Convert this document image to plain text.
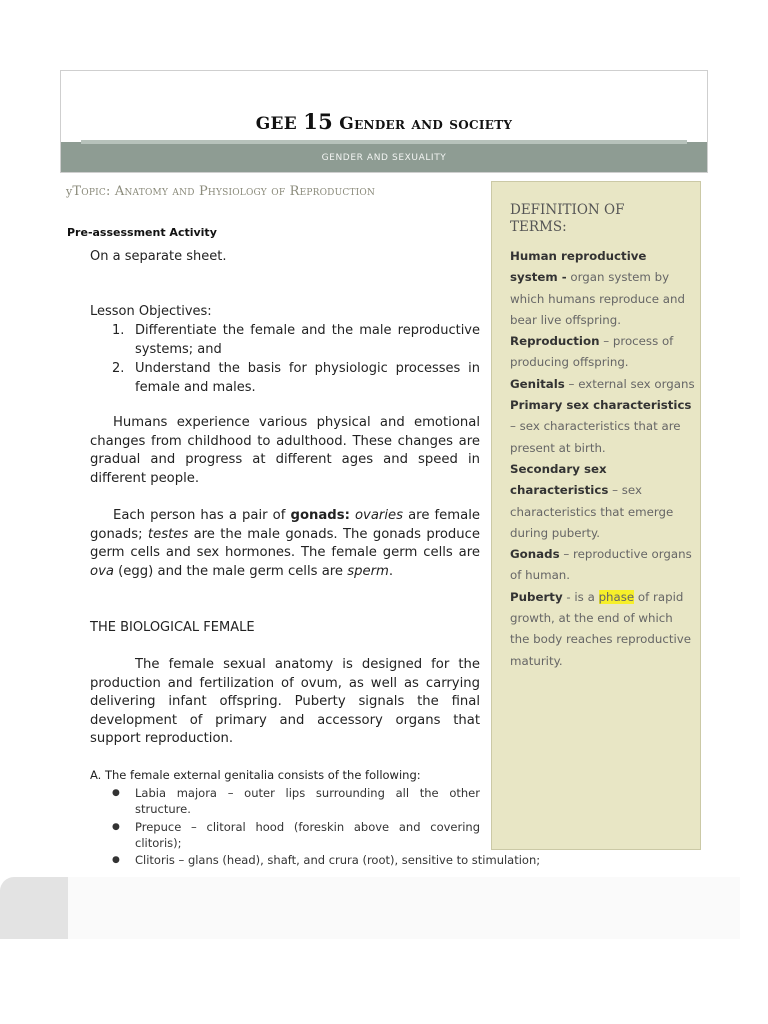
GEE 15 Gender and society
GENDER AND SEXUALITY
yTopic: Anatomy and Physiology of Reproduction
Pre-assessment Activity
On a separate sheet.
Lesson Objectives:
1. Differentiate the female and the male reproductive systems; and
2. Understand the basis for physiologic processes in female and males.
Humans experience various physical and emotional changes from childhood to adulthood. These changes are gradual and progress at different ages and speed in different people.
Each person has a pair of gonads: ovaries are female gonads; testes are the male gonads. The gonads produce germ cells and sex hormones. The female germ cells are ova (egg) and the male germ cells are sperm.
THE BIOLOGICAL FEMALE
The female sexual anatomy is designed for the production and fertilization of ovum, as well as carrying delivering infant offspring. Puberty signals the final development of primary and accessory organs that support reproduction.
A. The female external genitalia consists of the following:
● Labia majora – outer lips surrounding all the other structure.
● Prepuce – clitoral hood (foreskin above and covering clitoris);
● Clitoris – glans (head), shaft, and crura (root), sensitive to stimulation;
DEFINITION OF
TERMS:
Human reproductive system - organ system by which humans reproduce and bear live offspring.
Reproduction – process of producing offspring.
Genitals – external sex organs
Primary sex characteristics – sex characteristics that are present at birth.
Secondary sex characteristics – sex characteristics that emerge during puberty.
Gonads – reproductive organs of human.
Puberty - is a phase of rapid growth, at the end of which the body reaches reproductive maturity.
